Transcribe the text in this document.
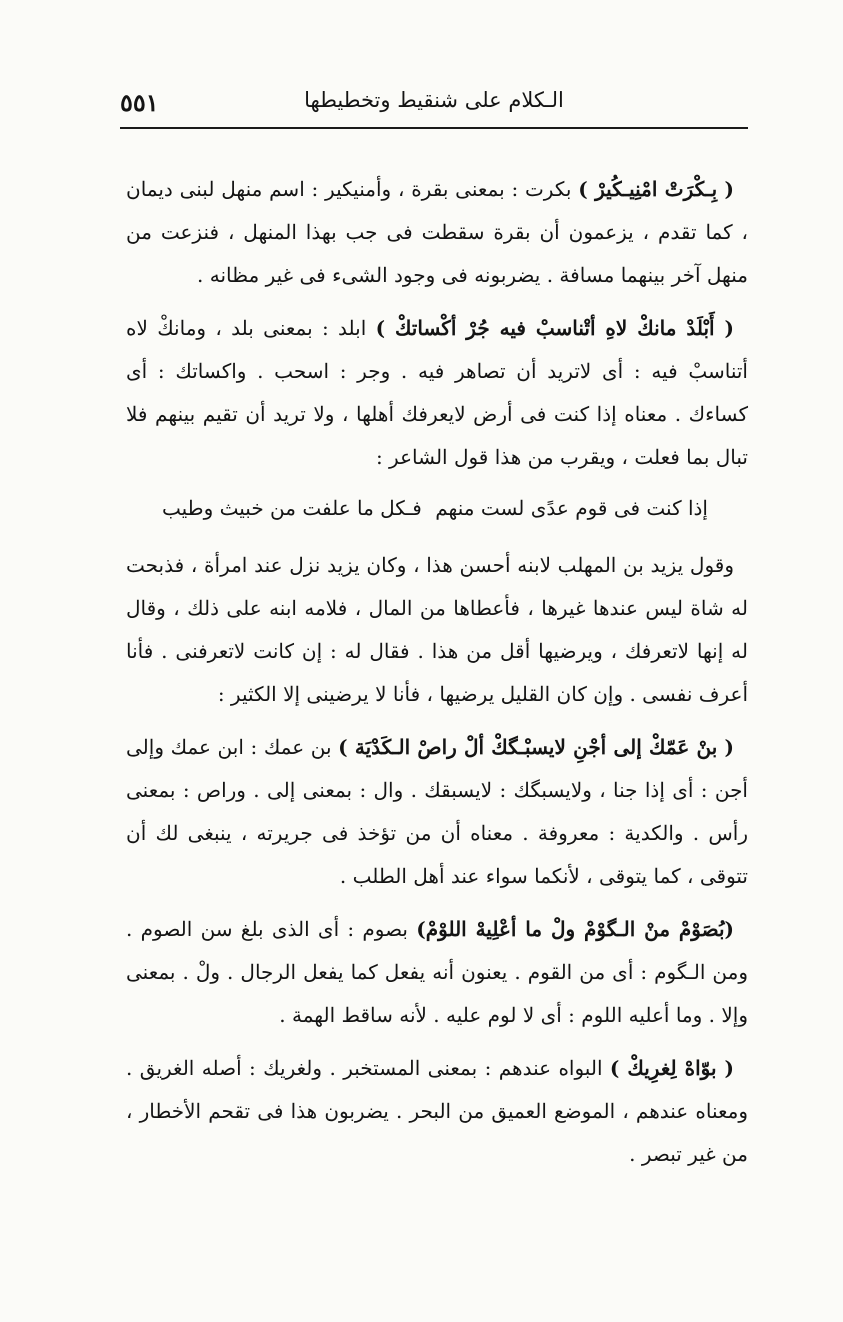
٥٥١	الـكلام على شنقيط وتخطيطها

( بِـكْرَتْ امْنِيـكُيرْ ) بكرت : بمعنى بقرة ، وأمنيكير : اسم منهل لبنى ديمان ، كما تقدم ، يزعمون أن بقرة سقطت فى جب بهذا المنهل ، فنزعت من منهل آخر بينهما مسافة . يضربونه فى وجود الشىء فى غير مظانه .

( أَبْلَدْ مانكْ لاهِ أتْناسبْ فيه جُرْ أكْساتكْ ) ابلد : بمعنى بلد ، ومانكْ لاه أتناسبْ فيه : أى لاتريد أن تصاهر فيه . وجر : اسحب . واكساتك : أى كساءك . معناه إذا كنت فى أرض لايعرفك أهلها ، ولا تريد أن تقيم بينهم فلا تبال بما فعلت ، ويقرب من هذا قول الشاعر :

إذا كنت فى قوم عدًى لست منهم
فـكل ما علفت من خبيث وطيب

وقول يزيد بن المهلب لابنه أحسن هذا ، وكان يزيد نزل عند امرأة ، فذبحت له شاة ليس عندها غيرها ، فأعطاها من المال ، فلامه ابنه على ذلك ، وقال له إنها لاتعرفك ، ويرضيها أقل من هذا . فقال له : إن كانت لاتعرفنى . فأنا أعرف نفسى . وإن كان القليل يرضيها ، فأنا لا يرضينى إلا الكثير :

( بنْ عَمّكْ إلى أجْنِ لايسبْـگكْ ألْ راصْ الـكَدْيَة ) بن عمك : ابن عمك وإلى أجن : أى إذا جنا ، ولايسبگك : لايسبقك . وال : بمعنى إلى . وراص : بمعنى رأس . والكدية : معروفة . معناه أن من تؤخذ فى جريرته ، ينبغى لك أن تتوقى ، كما يتوقى ، لأنكما سواء عند أهل الطلب .

(بُصَوْمْ منْ الـگوْمْ ولْ ما أعْلِيهْ اللوْمْ) بصوم : أى الذى بلغ سن الصوم . ومن الـگوم : أى من القوم . يعنون أنه يفعل كما يفعل الرجال . ولْ . بمعنى وإلا . وما أعليه اللوم : أى لا لوم عليه . لأنه ساقط الهمة .

( بوّاهْ لِغرِيكْ ) البواه عندهم : بمعنى المستخبر . ولغريك : أصله الغريق . ومعناه عندهم ، الموضع العميق من البحر . يضربون هذا فى تقحم الأخطار ، من غير تبصر .
